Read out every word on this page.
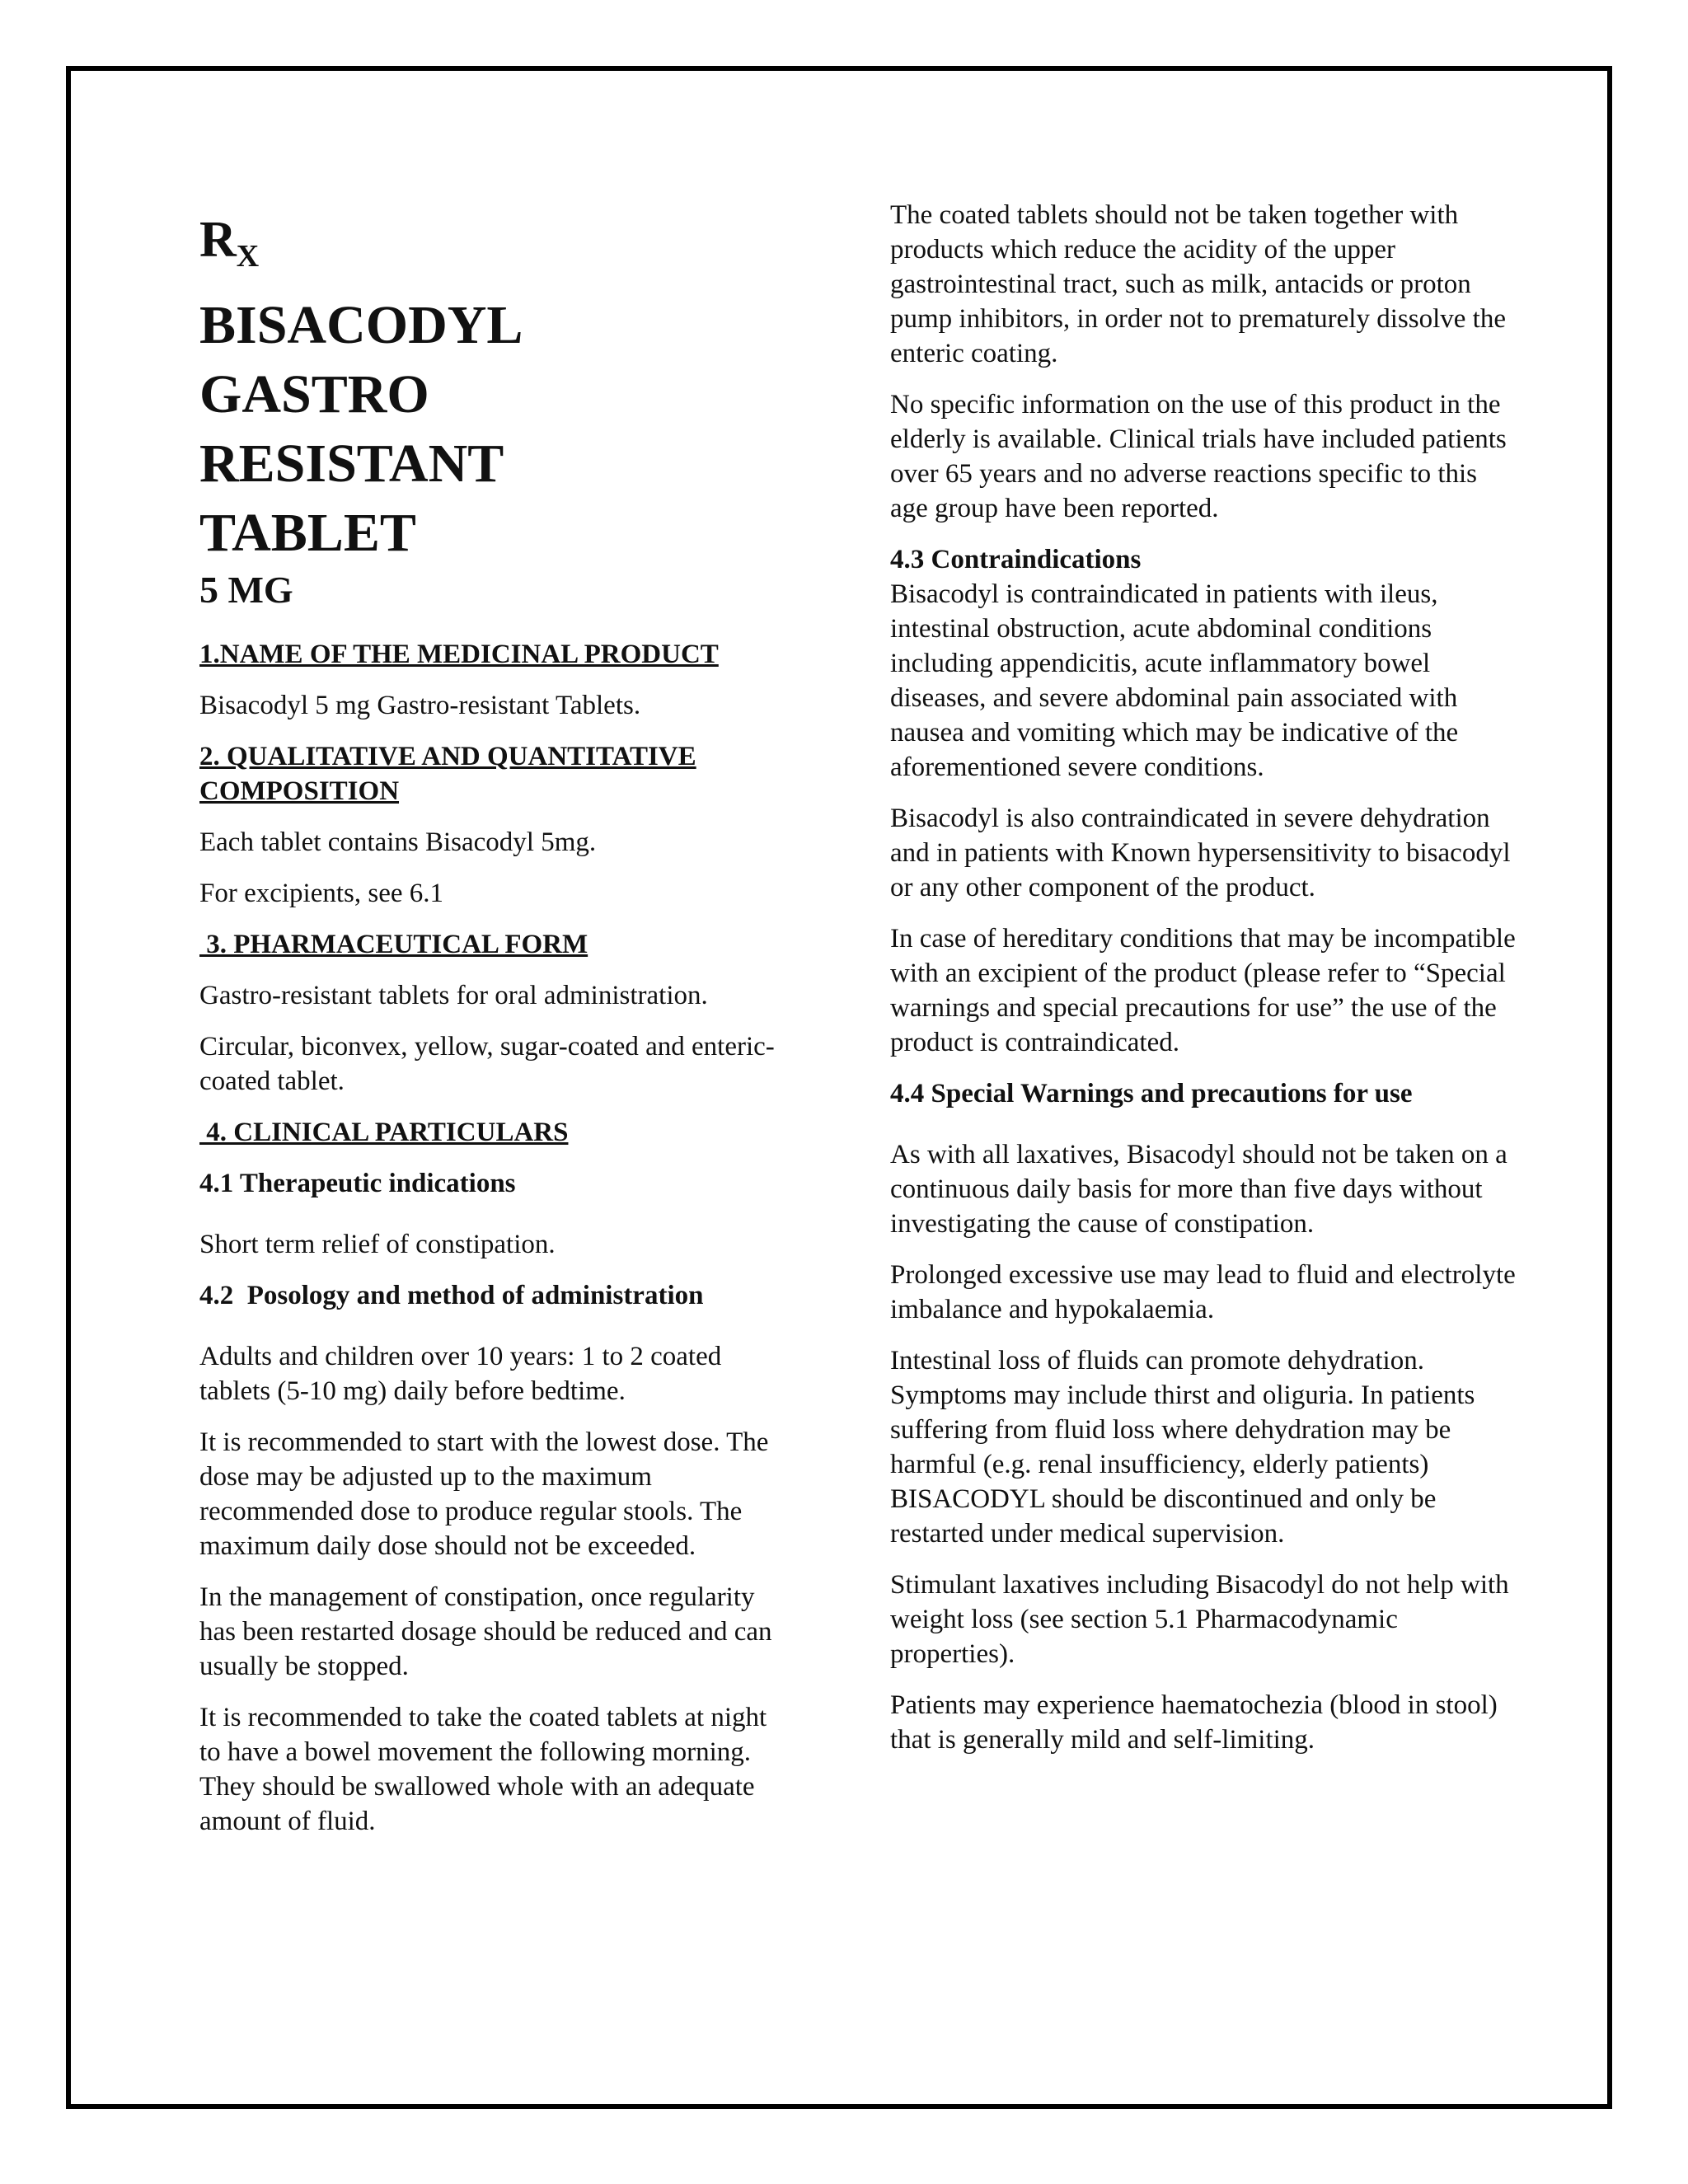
$R_X$
BISACODYL
GASTRO
RESISTANT
TABLET
5 MG
1.NAME OF THE MEDICINAL PRODUCT

Bisacodyl 5 mg Gastro-resistant Tablets.

2. QUALITATIVE AND QUANTITATIVE COMPOSITION

Each tablet contains Bisacodyl 5mg.

For excipients, see 6.1

3. PHARMACEUTICAL FORM

Gastro-resistant tablets for oral administration.

Circular, biconvex, yellow, sugar-coated and enteric-coated tablet.

4. CLINICAL PARTICULARS
4.1 Therapeutic indications

Short term relief of constipation.

4.2  Posology and method of administration

Adults and children over 10 years: 1 to 2 coated tablets (5-10 mg) daily before bedtime.

It is recommended to start with the lowest dose. The dose may be adjusted up to the maximum recommended dose to produce regular stools. The maximum daily dose should not be exceeded.

In the management of constipation, once regularity has been restarted dosage should be reduced and can usually be stopped.

It is recommended to take the coated tablets at night to have a bowel movement the following morning. They should be swallowed whole with an adequate amount of fluid.

The coated tablets should not be taken together with products which reduce the acidity of the upper gastrointestinal tract, such as milk, antacids or proton pump inhibitors, in order not to prematurely dissolve the enteric coating.

No specific information on the use of this product in the elderly is available. Clinical trials have included patients over 65 years and no adverse reactions specific to this age group have been reported.

4.3 Contraindications

Bisacodyl is contraindicated in patients with ileus, intestinal obstruction, acute abdominal conditions including appendicitis, acute inflammatory bowel diseases, and severe abdominal pain associated with nausea and vomiting which may be indicative of the aforementioned severe conditions.

Bisacodyl is also contraindicated in severe dehydration and in patients with Known hypersensitivity to bisacodyl or any other component of the product.

In case of hereditary conditions that may be incompatible with an excipient of the product (please refer to “Special warnings and special precautions for use” the use of the product is contraindicated.

4.4 Special Warnings and precautions for use

As with all laxatives, Bisacodyl should not be taken on a continuous daily basis for more than five days without investigating the cause of constipation.

Prolonged excessive use may lead to fluid and electrolyte imbalance and hypokalaemia.

Intestinal loss of fluids can promote dehydration. Symptoms may include thirst and oliguria. In patients suffering from fluid loss where dehydration may be harmful (e.g. renal insufficiency, elderly patients) BISACODYL should be discontinued and only be restarted under medical supervision.

Stimulant laxatives including Bisacodyl do not help with weight loss (see section 5.1 Pharmacodynamic properties).

Patients may experience haematochezia (blood in stool) that is generally mild and self-limiting.
